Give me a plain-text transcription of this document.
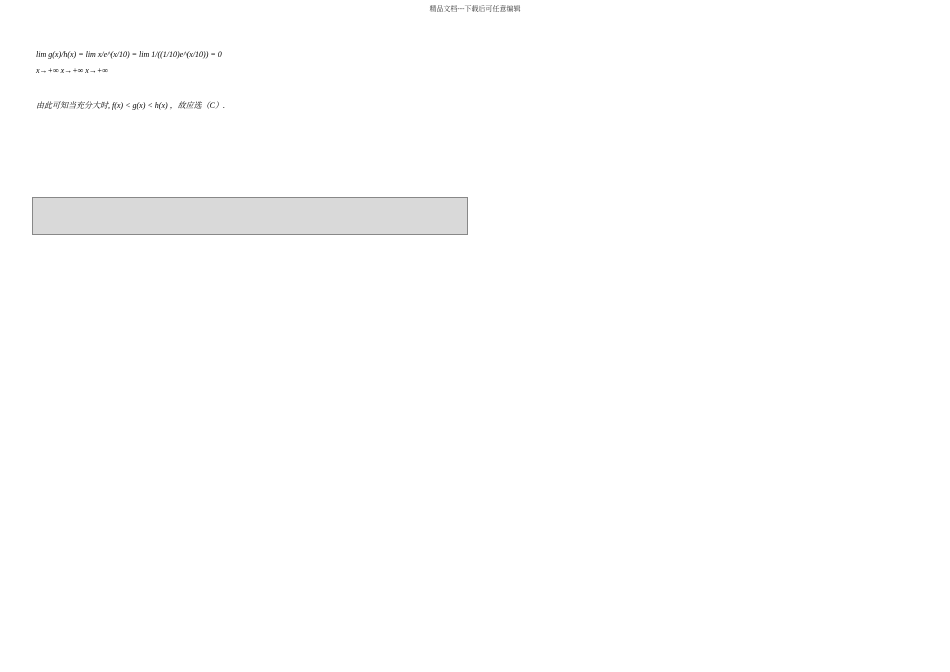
精品文档---下载后可任意编辑
lim g(x)/h(x) = lim x/e^(x/10) = lim 1/((1/10)e^(x/10)) = 0
x→+∞ x→+∞ x→+∞
由此可知当充分大时, f(x) < g(x) < h(x) ，故应选（C）.
